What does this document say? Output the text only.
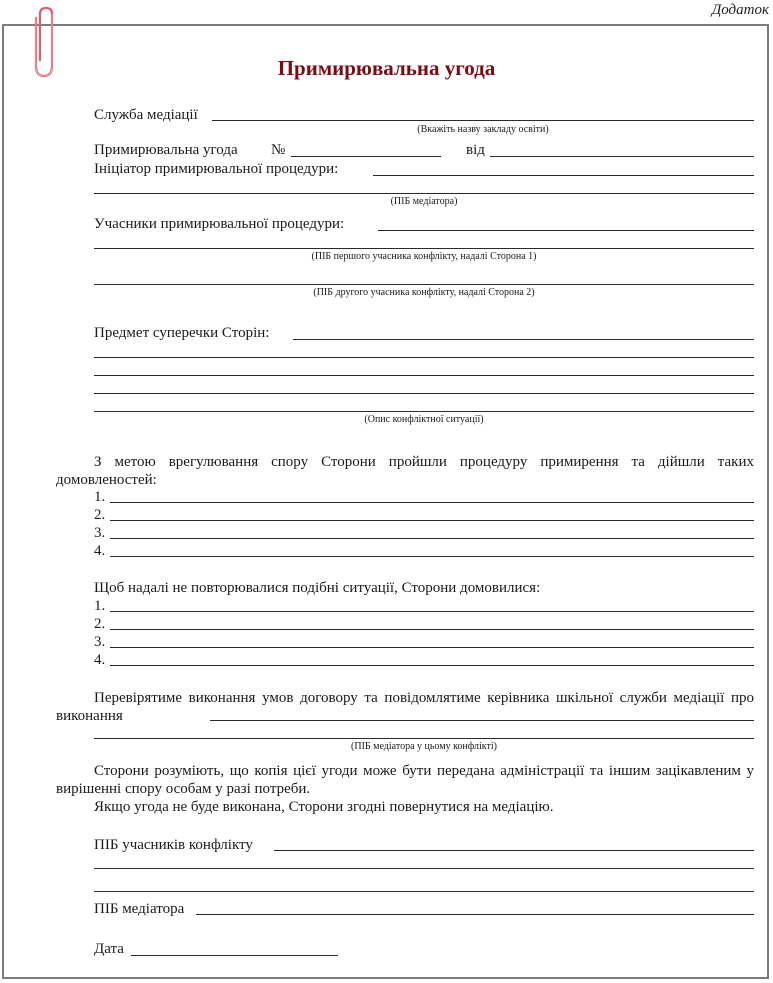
Додаток
Примирювальна угода
Служба медіації
(Вкажіть назву закладу освіти)
Примирювальна угода №	від
Ініціатор примирювальної процедури:
(ПІБ медіатора)
Учасники примирювальної процедури:
(ПІБ першого учасника конфлікту, надалі Сторона 1)
(ПІБ другого учасника конфлікту, надалі Сторона 2)
Предмет суперечки Сторін:
(Опис конфліктної ситуації)
З метою врегулювання спору Сторони пройшли процедуру примирення та дійшли таких домовленостей:
1.
2.
3.
4.
Щоб надалі не повторювалися подібні ситуації, Сторони домовилися:
1.
2.
3.
4.
Перевірятиме виконання умов договору та повідомлятиме керівника шкільної служби медіації про виконання
(ПІБ медіатора у цьому конфлікті)
Сторони розуміють, що копія цієї угоди може бути передана адміністрації та іншим зацікавленим у вирішенні спору особам у разі потреби.
Якщо угода не буде виконана, Сторони згодні повернутися на медіацію.
ПІБ учасників конфлікту
ПІБ медіатора
Дата
